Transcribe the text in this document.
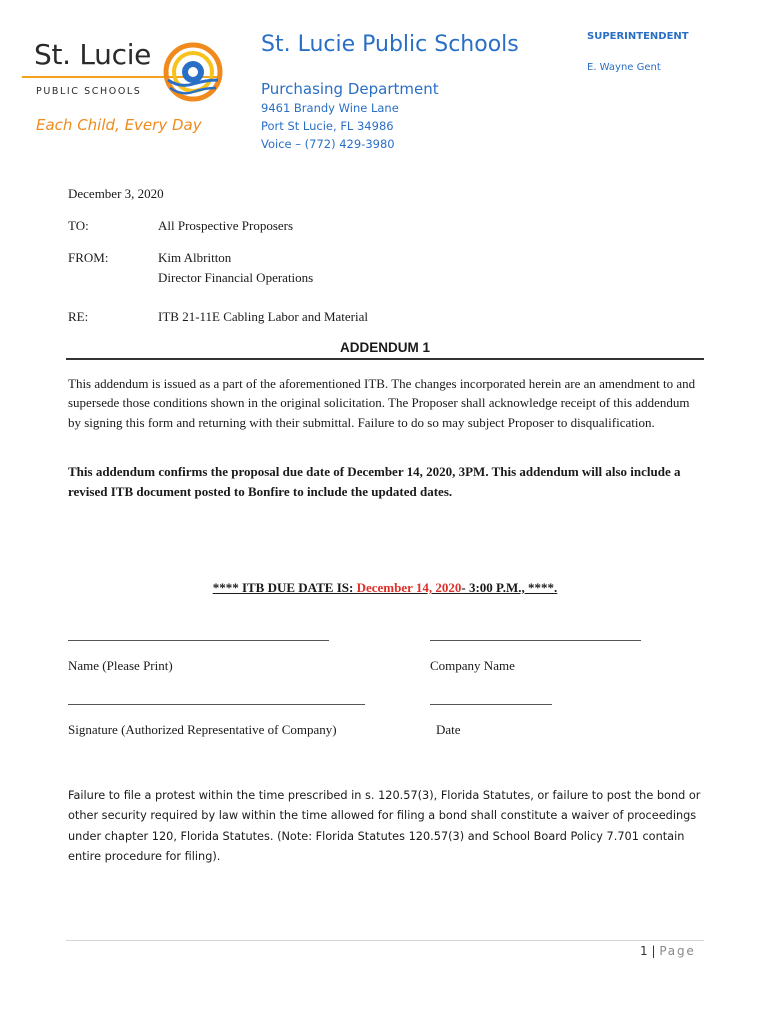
St. Lucie
PUBLIC SCHOOLS
Each Child, Every Day
St. Lucie Public Schools
Purchasing Department
9461 Brandy Wine Lane
Port St Lucie, FL 34986
Voice – (772) 429-3980
SUPERINTENDENT
E. Wayne Gent
December 3, 2020
TO:	All Prospective Proposers
FROM:	Kim Albritton
Director Financial Operations
RE:	ITB 21-11E Cabling Labor and Material
ADDENDUM 1
This addendum is issued as a part of the aforementioned ITB. The changes incorporated herein are an amendment to and supersede those conditions shown in the original solicitation. The Proposer shall acknowledge receipt of this addendum by signing this form and returning with their submittal. Failure to do so may subject Proposer to disqualification.
This addendum confirms the proposal due date of December 14, 2020, 3PM. This addendum will also include a revised ITB document posted to Bonfire to include the updated dates.
**** ITB DUE DATE IS: December 14, 2020- 3:00 P.M., ****.
Name (Please Print)	Company Name
Signature (Authorized Representative of Company)	Date
Failure to file a protest within the time prescribed in s. 120.57(3), Florida Statutes, or failure to post the bond or other security required by law within the time allowed for filing a bond shall constitute a waiver of proceedings under chapter 120, Florida Statutes. (Note: Florida Statutes 120.57(3) and School Board Policy 7.701 contain entire procedure for filing).
1 | Page
